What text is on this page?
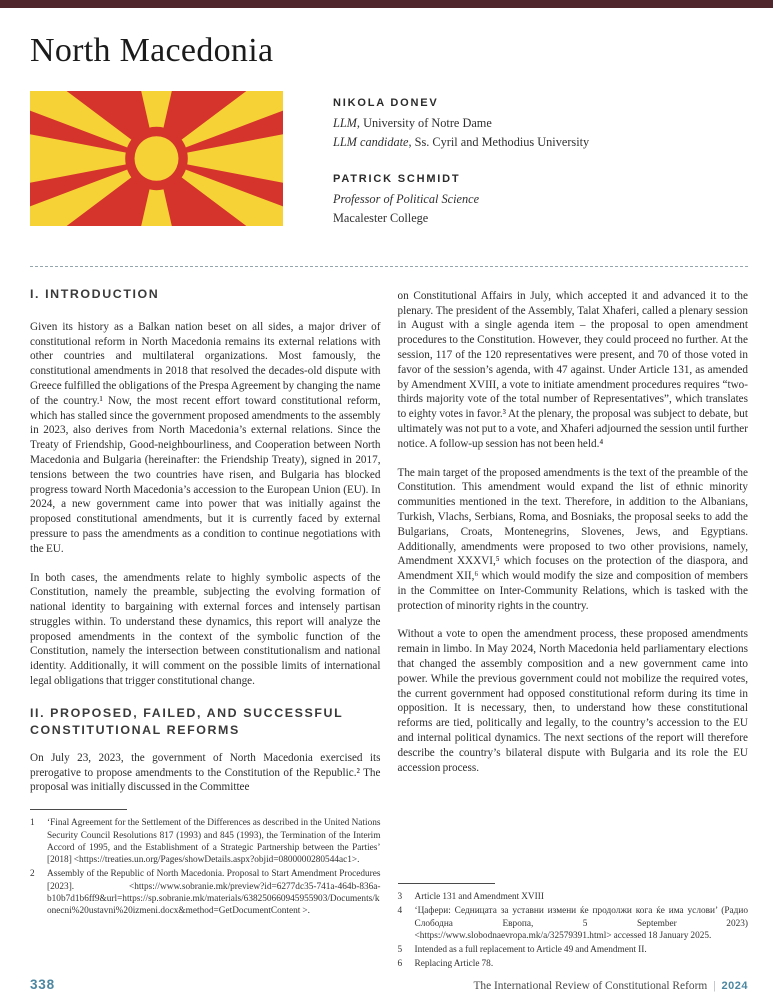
North Macedonia
NIKOLA DONEV
LLM, University of Notre Dame
LLM candidate, Ss. Cyril and Methodius University
PATRICK SCHMIDT
Professor of Political Science
Macalester College
I. INTRODUCTION

Given its history as a Balkan nation beset on all sides, a major driver of constitutional reform in North Macedonia remains its external relations with other countries and multilateral organizations. Most famously, the constitutional amendments in 2018 that resolved the decades-old dispute with Greece fulfilled the obligations of the Prespa Agreement by changing the name of the country.¹ Now, the most recent effort toward constitutional reform, which has stalled since the government proposed amendments to the assembly in 2023, also derives from North Macedonia’s external relations. Since the Treaty of Friendship, Good-neighbourliness, and Cooperation between North Macedonia and Bulgaria (hereinafter: the Friendship Treaty), signed in 2017, tensions between the two countries have risen, and Bulgaria has blocked progress toward North Macedonia’s accession to the European Union (EU). In 2024, a new government came into power that was initially against the proposed constitutional amendments, but it is currently faced by external pressure to pass the amendments as a condition to continue negotiations with the EU.

In both cases, the amendments relate to highly symbolic aspects of the Constitution, namely the preamble, subjecting the evolving formation of national identity to bargaining with external forces and intensely partisan struggles within. To understand these dynamics, this report will analyze the proposed amendments in the context of the symbolic function of the Constitution, namely the intersection between constitutionalism and national identity. Additionally, it will comment on the possible limits of international legal obligations that trigger constitutional change.

II. PROPOSED, FAILED, AND SUCCESSFUL
CONSTITUTIONAL REFORMS

On July 23, 2023, the government of North Macedonia exercised its prerogative to propose amendments to the Constitution of the Republic.² The proposal was initially discussed in the Committee

1	‘Final Agreement for the Settlement of the Differences as described in the United Nations Security Council Resolutions 817 (1993) and 845 (1993), the Termination of the Interim Accord of 1995, and the Establishment of a Strategic Partnership between the Parties’ [2018] <https://treaties.un.org/Pages/showDetails.aspx?objid=0800000280544ac1>.
2	Assembly of the Republic of North Macedonia. Proposal to Start Amendment Procedures [2023]. <https://www.sobranie.mk/preview?id=6277dc35-741a-464b-836a-b10b7d1b6ff9&url=https://sp.sobranie.mk/materials/638250660945955903/Documents/konecni%20ustavni%20izmeni.docx&method=GetDocumentContent >.

on Constitutional Affairs in July, which accepted it and advanced it to the plenary. The president of the Assembly, Talat Xhaferi, called a plenary session in August with a single agenda item – the proposal to open amendment procedures to the Constitution. However, they could proceed no further. At the session, 117 of the 120 representatives were present, and 70 of those voted in favor of the session’s agenda, with 47 against. Under Article 131, as amended by Amendment XVIII, a vote to initiate amendment procedures requires “two-thirds majority vote of the total number of Representatives”, which translates to eighty votes in favor.³ At the plenary, the proposal was subject to debate, but ultimately was not put to a vote, and Xhaferi adjourned the session until further notice. A follow-up session has not been held.⁴

The main target of the proposed amendments is the text of the preamble of the Constitution. This amendment would expand the list of ethnic minority communities mentioned in the text. Therefore, in addition to the Albanians, Turkish, Vlachs, Serbians, Roma, and Bosniaks, the proposal seeks to add the Bulgarians, Croats, Montenegrins, Slovenes, Jews, and Egyptians. Additionally, amendments were proposed to two other provisions, namely, Amendment XXXVI,⁵ which focuses on the protection of the diaspora, and Amendment XII,⁶ which would modify the size and composition of members in the Committee on Inter-Community Relations, which is tasked with the protection of minority rights in the country.

Without a vote to open the amendment process, these proposed amendments remain in limbo. In May 2024, North Macedonia held parliamentary elections that changed the assembly composition and a new government came into power. While the previous government could not mobilize the required votes, the current government had opposed constitutional reform during its time in opposition. It is necessary, then, to understand how these constitutional reforms are tied, politically and legally, to the country’s accession to the EU and internal political dynamics. The next sections of the report will therefore describe the country’s bilateral dispute with Bulgaria and its role the EU accession process.

3	Article 131 and Amendment XVIII
4	‘Цафери: Седницата за уставни измени ќе продолжи кога ќе има услови’ (Радио Слободна Европа, 5 September 2023) <https://www.slobodnaevropa.mk/a/32579391.html> accessed 18 January 2025.
5	Intended as a full replacement to Article 49 and Amendment II.
6	Replacing Article 78.
338	The International Review of Constitutional Reform | 2024
